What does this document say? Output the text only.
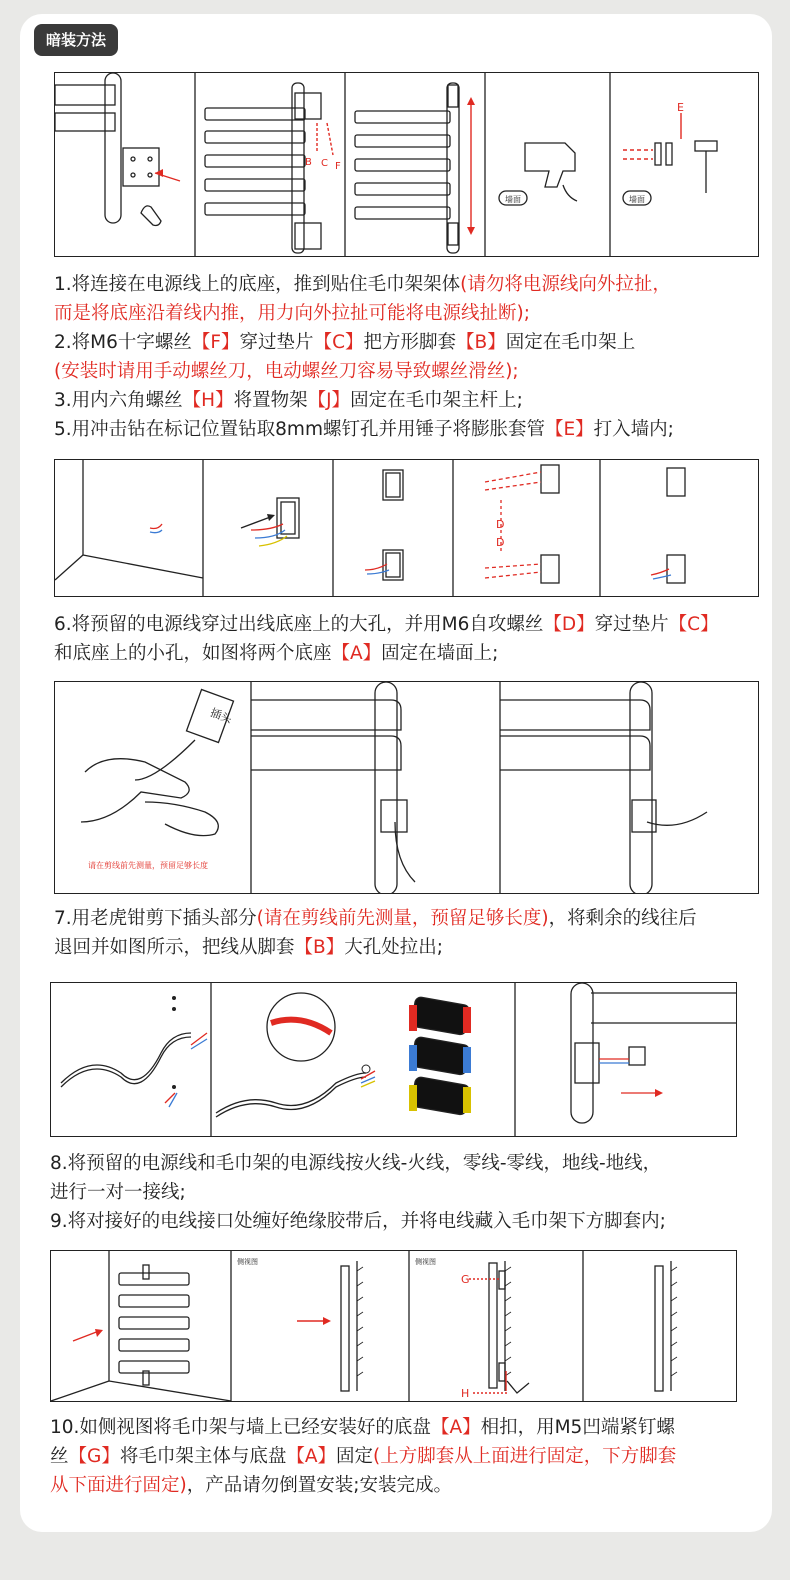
暗装方法
B C F
E
墙面	墙面

1.将连接在电源线上的底座，推到贴住毛巾架架体(请勿将电源线向外拉扯，

而是将底座沿着线内推，用力向外拉扯可能将电源线扯断);

2.将M6十字螺丝【F】穿过垫片【C】把方形脚套【B】固定在毛巾架上

(安装时请用手动螺丝刀，电动螺丝刀容易导致螺丝滑丝);

3.用内六角螺丝【H】将置物架【J】固定在毛巾架主杆上;

5.用冲击钻在标记位置钻取8mm螺钉孔并用锤子将膨胀套管【E】打入墙内;

D
D

6.将预留的电源线穿过出线底座上的大孔，并用M6自攻螺丝【D】穿过垫片【C】

和底座上的小孔，如图将两个底座【A】固定在墙面上;

插头
请在剪线前先测量，预留足够长度

7.用老虎钳剪下插头部分(请在剪线前先测量，预留足够长度)，将剩余的线往后

退回并如图所示，把线从脚套【B】大孔处拉出;

8.将预留的电源线和毛巾架的电源线按火线-火线，零线-零线，地线-地线，

进行一对一接线;

9.将对接好的电线接口处缠好绝缘胶带后，并将电线藏入毛巾架下方脚套内;

侧视图	侧视图
G
H

10.如侧视图将毛巾架与墙上已经安装好的底盘【A】相扣，用M5凹端紧钉螺

丝【G】将毛巾架主体与底盘【A】固定(上方脚套从上面进行固定，下方脚套

从下面进行固定)，产品请勿倒置安装;安装完成。
